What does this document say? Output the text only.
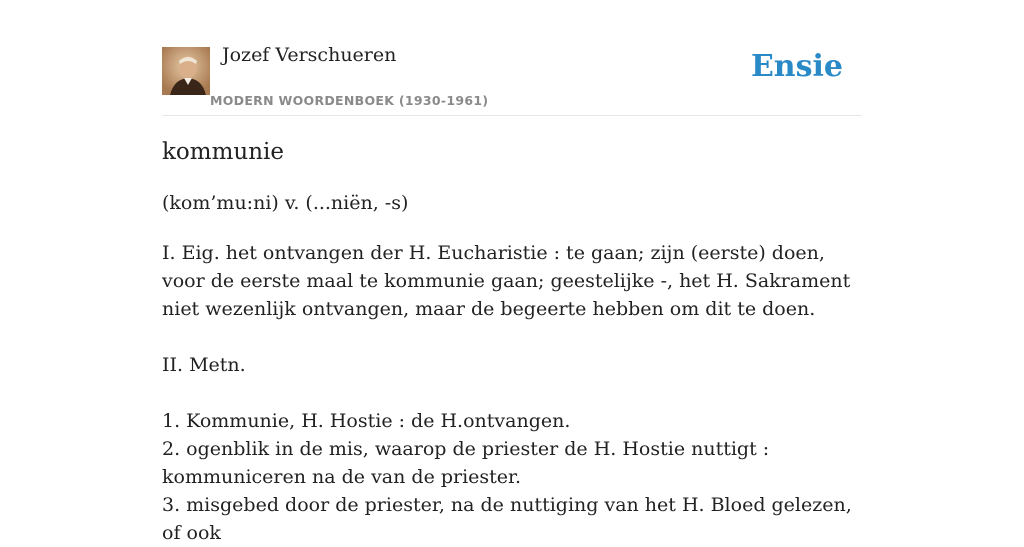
Jozef Verschueren
MODERN WOORDENBOEK (1930-1961)
Ensie
kommunie
(kom’mu:ni) v. (...niën, -s)

I. Eig. het ontvangen der H. Eucharistie : te gaan; zijn (eerste) doen, voor de eerste maal te kommunie gaan; geestelijke -, het H. Sakrament niet wezenlijk ontvangen, maar de begeerte hebben om dit te doen.

II. Metn.

1. Kommunie, H. Hostie : de H.ontvangen.

2. ogenblik in de mis, waarop de priester de H. Hostie nuttigt : kommuniceren na de van de priester.

3. misgebed door de priester, na de nuttiging van het H. Bloed gelezen, of ook
